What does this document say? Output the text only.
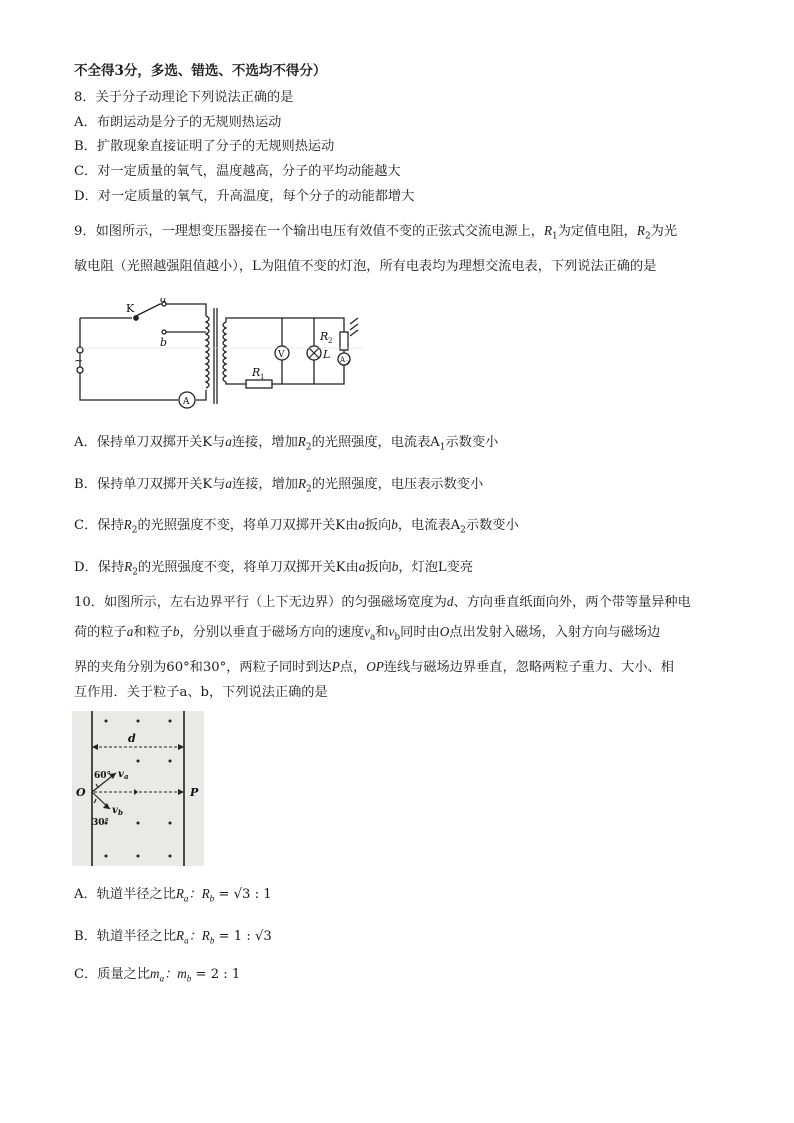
不全得3分，多选、错选、不选均不得分）
8．关于分子动理论下列说法正确的是
A．布朗运动是分子的无规则热运动
B．扩散现象直接证明了分子的无规则热运动
C．对一定质量的氧气，温度越高，分子的平均动能越大
D．对一定质量的氧气，升高温度，每个分子的动能都增大
9．如图所示，一理想变压器接在一个输出电压有效值不变的正弦式交流电源上，$R_1$为定值电阻，$R_2$为光
敏电阻（光照越强阻值越小），L为阻值不变的灯泡，所有电表均为理想交流电表，下列说法正确的是
K
a
b
~
A
V	L
R 2
A 2
R 1
A．保持单刀双掷开关K与a连接，增加$R_2$的光照强度，电流表$A_1$示数变小
B．保持单刀双掷开关K与a连接，增加$R_2$的光照强度，电压表示数变小
C．保持$R_2$的光照强度不变，将单刀双掷开关K由a扳向b，电流表$A_2$示数变小
D．保持$R_2$的光照强度不变，将单刀双掷开关K由a扳向b，灯泡L变亮
10．如图所示，左右边界平行（上下无边界）的匀强磁场宽度为d、方向垂直纸面向外，两个带等量异种电
荷的粒子a和粒子b，分别以垂直于磁场方向的速度$v_a$和$v_b$同时由O点出发射入磁场，入射方向与磁场边
界的夹角分别为60°和30°，两粒子同时到达P点，OP连线与磁场边界垂直，忽略两粒子重力、大小、相
互作用．关于粒子a、b，下列说法正确的是
d
O	P
60°
30°
v a
v b
A．轨道半径之比$R_a$：$R_b = √3$ : 1
B．轨道半径之比$R_a$：$R_b = 1$ : √3
C．质量之比$m_a$：$m_b = 2$ : 1
